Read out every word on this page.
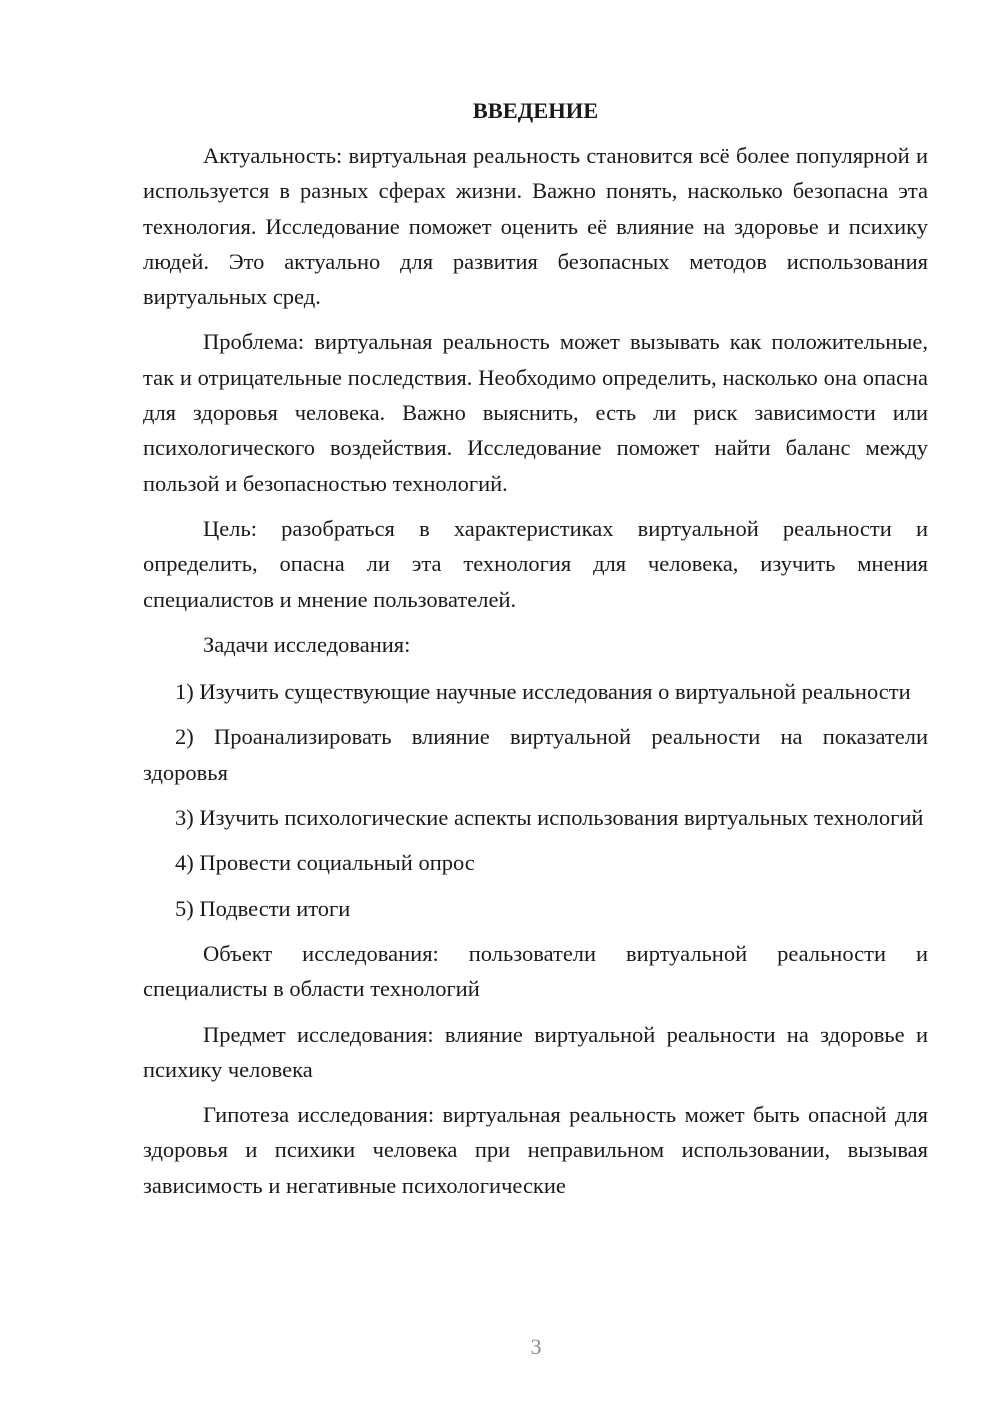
ВВЕДЕНИЕ

Актуальность: виртуальная реальность становится всё более популярной и используется в разных сферах жизни. Важно понять, насколько безопасна эта технология. Исследование поможет оценить её влияние на здоровье и психику людей. Это актуально для развития безопасных методов использования виртуальных сред.

Проблема: виртуальная реальность может вызывать как положительные, так и отрицательные последствия. Необходимо определить, насколько она опасна для здоровья человека. Важно выяснить, есть ли риск зависимости или психологического воздействия. Исследование поможет найти баланс между пользой и безопасностью технологий.

Цель: разобраться в характеристиках виртуальной реальности и определить, опасна ли эта технология для человека, изучить мнения специалистов и мнение пользователей.

Задачи исследования:

1) Изучить существующие научные исследования о виртуальной реальности

2) Проанализировать влияние виртуальной реальности на показатели здоровья

3) Изучить психологические аспекты использования виртуальных технологий

4) Провести социальный опрос

5) Подвести итоги

Объект исследования: пользователи виртуальной реальности и специалисты в области технологий

Предмет исследования: влияние виртуальной реальности на здоровье и психику человека

Гипотеза исследования: виртуальная реальность может быть опасной для здоровья и психики человека при неправильном использовании, вызывая зависимость и негативные психологические

3
